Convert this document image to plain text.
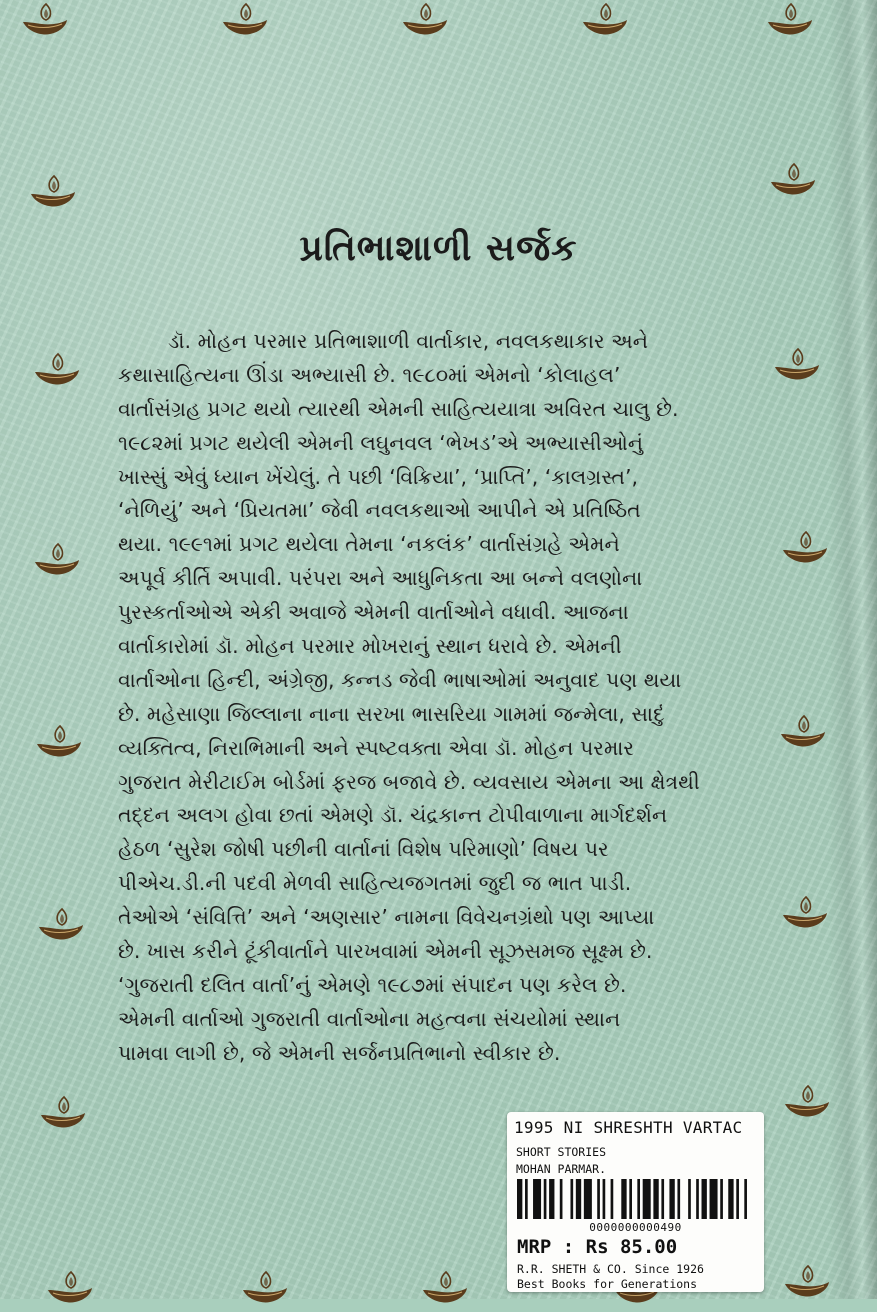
પ્રતિભાશાળી સર્જક
ડૉ. મોહન પરમાર પ્રતિભાશાળી વાર્તાકાર, નવલકથાકાર અને
કથાસાહિત્યના ઊંડા અભ્યાસી છે. ૧૯૮૦માં એમનો ‘કોલાહલ’
વાર્તાસંગ્રહ પ્રગટ થયો ત્યારથી એમની સાહિત્યયાત્રા અવિરત ચાલુ છે.
૧૯૮૨માં પ્રગટ થયેલી એમની લઘુનવલ ‘ભેખડ’એ અભ્યાસીઓનું
ખાસ્સું એવું ધ્યાન ખેંચેલું. તે પછી ‘વિક્રિયા’, ‘પ્રાપ્તિ’, ‘કાલગ્રસ્ત’,
‘નેળિયું’ અને ‘પ્રિયતમા’ જેવી નવલકથાઓ આપીને એ પ્રતિષ્ઠિત
થયા. ૧૯૯૧માં પ્રગટ થયેલા તેમના ‘નકલંક’ વાર્તાસંગ્રહે એમને
અપૂર્વ કીર્તિ અપાવી. પરંપરા અને આધુનિકતા આ બન્ને વલણોના
પુરસ્કર્તાઓએ એકી અવાજે એમની વાર્તાઓને વધાવી. આજના
વાર્તાકારોમાં ડૉ. મોહન પરમાર મોખરાનું સ્થાન ધરાવે છે. એમની
વાર્તાઓના હિન્દી, અંગ્રેજી, કન્નડ જેવી ભાષાઓમાં અનુવાદ પણ થયા
છે. મહેસાણા જિલ્લાના નાના સરખા ભાસરિયા ગામમાં જન્મેલા, સાદું
વ્યક્તિત્વ, નિરાભિમાની અને સ્પષ્ટવક્તા એવા ડૉ. મોહન પરમાર
ગુજરાત મેરીટાઈમ બોર્ડમાં ફરજ બજાવે છે. વ્યવસાય એમના આ ક્ષેત્રથી
તદ્દન અલગ હોવા છતાં એમણે ડૉ. ચંદ્રકાન્ત ટોપીવાળાના માર્ગદર્શન
હેઠળ ‘સુરેશ જોષી પછીની વાર્તાનાં વિશેષ પરિમાણો’ વિષય પર
પીએચ.ડી.ની પદવી મેળવી સાહિત્યજગતમાં જુદી જ ભાત પાડી.
તેઓએ ‘સંવિત્તિ’ અને ‘અણસાર’ નામના વિવેચનગ્રંથો પણ આપ્યા
છે. ખાસ કરીને ટૂંકીવાર્તાને પારખવામાં એમની સૂઝસમજ સૂક્ષ્મ છે.
‘ગુજરાતી દલિત વાર્તા’નું એમણે ૧૯૮૭માં સંપાદન પણ કરેલ છે.
એમની વાર્તાઓ ગુજરાતી વાર્તાઓના મહત્વના સંચયોમાં સ્થાન
પામવા લાગી છે, જે એમની સર્જનપ્રતિભાનો સ્વીકાર છે.
1995 NI SHRESHTH VARTAC
SHORT STORIES
MOHAN PARMAR.
0000000000490
MRP : Rs 85.00
R.R. SHETH & CO. Since 1926
Best Books for Generations
